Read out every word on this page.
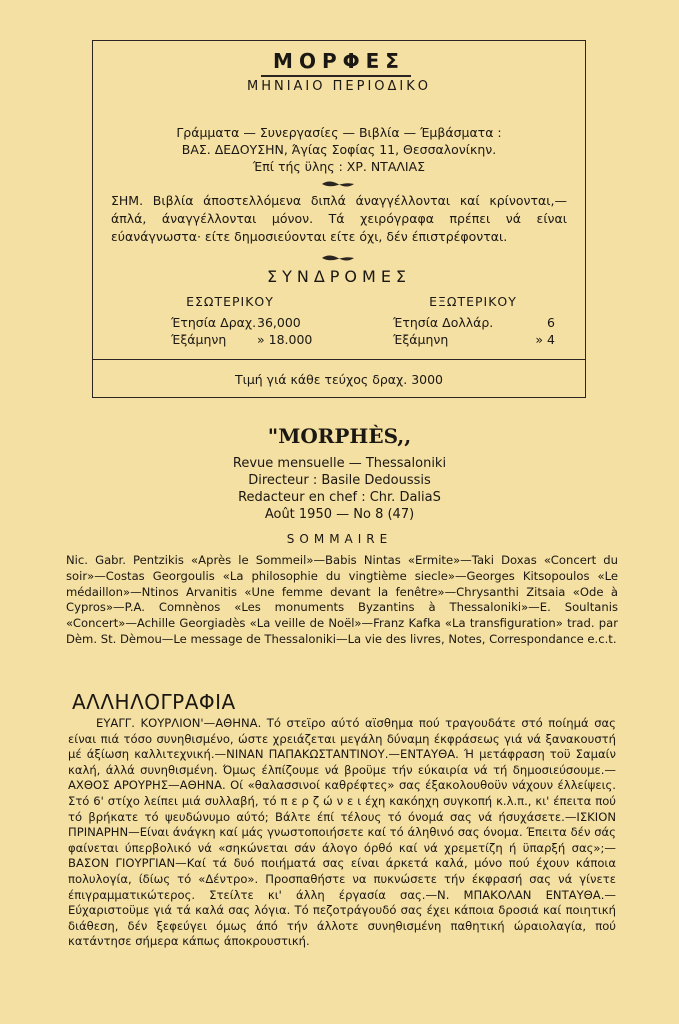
ΜΟΡΦΕΣ
ΜΗΝΙΑΙΟ ΠΕΡΙΟΔΙΚΟ
Γράμματα — Συνεργασίες — Βιβλία — Έμβάσματα :
ΒΑΣ. ΔΕΔΟΥΣΗΝ, Άγίας Σοφίας 11, Θεσσαλονίκην.
Έπί τής ϋλης : ΧΡ. ΝΤΑΛΙΑΣ
ΣΗΜ. Βιβλία άποστελλόμενα διπλά άναγγέλλονται καί κρίνονται,— άπλά, άναγγέλλονται μόνον. Τά χειρόγραφα πρέπει νά είναι εύανάγνωστα· είτε δημοσιεύονται είτε όχι, δέν έπιστρέφονται.
ΣΥΝΔΡΟΜΕΣ
ΕΣΩΤΕΡΙΚΟΥ
Έτησία Δραχ. 36,000
Έξάμηνη	» 18.000
ΕΞΩΤΕΡΙΚΟΥ
Έτησία Δολλάρ.	6
Έξάμηνη	» 4
Τιμή γιά κάθε τεύχος δραχ. 3000
"MORPHÈS,,
Revue mensuelle — Thessaloniki
Directeur : Basile Dedoussis
Redacteur en chef : Chr. DaliaS
Août 1950 — No 8 (47)
SOMMAIRE
Nic. Gabr. Pentzikis «Après le Sommeil»—Babis Nintas «Ermite»—Taki Doxas «Concert du soir»—Costas Georgoulis «La philosophie du vingtième siecle»—Georges Kitsopoulos «Le médaillon»—Ntinos Arvanitis «Une femme devant la fenêtre»—Chrysanthi Zitsaia «Ode à Cypros»—P.A. Comnènos «Les monuments Byzantins à Thessaloniki»—E. Soultanis «Concert»—Achille Georgiadès «La veille de Noël»—Franz Kafka «La transfiguration» trad. par Dèm. St. Dèmou—Le message de Thessaloniki—La vie des livres, Notes, Correspondance e.c.t.
ΑΛΛΗΛΟΓΡΑΦΙΑ
ΕΥΑΓΓ. ΚΟΥΡΛΙΟΝ'—ΑΘΗΝΑ. Τό στεϊρο αύτό αϊσθημα πού τραγουδάτε στό ποίημά σας είναι πιά τόσο συνηθισμένο, ώστε χρειάζεται μεγάλη δύναμη έκφράσεως γιά νά ξανακουστή μέ άξίωση καλλιτεχνική.—ΝΙΝΑΝ ΠΑΠΑΚΩΣΤΑΝΤΙΝΟΥ.—ΕΝΤΑΥΘΑ. Ή μετάφραση τοϋ Σαμαίν καλή, άλλά συνηθισμένη. Όμως έλπίζουμε νά βροϋμε τήν εύκαιρία νά τή δημοσιεύσουμε.—ΑΧΘΟΣ ΑΡΟΥΡΗΣ—ΑΘΗΝΑ. Οί «θαλασσινοί καθρέφτες» σας έξακολουθοϋν νάχουν έλλείψεις. Στό 6' στίχο λείπει μιά συλλαβή, τό π ε ρ ζ ώ ν ε ι έχη κακόηχη συγκοπή κ.λ.π., κι' έπειτα πού τό βρήκατε τό ψευδώνυμο αύτό; Βάλτε έπί τέλους τό όνομά σας νά ήσυχάσετε.—ΙΣΚΙΟΝ ΠΡΙΝΑΡΗΝ—Είναι άνάγκη καί μάς γνωστοποιήσετε καί τό άληθινό σας όνομα. Έπειτα δέν σάς φαίνεται ύπερβολικό νά «σηκώνεται σάν άλογο όρθό καί νά χρεμετίζη ή ϋπαρξή σας»;— ΒΑΣΟΝ ΓΙΟΥΡΓΙΑΝ—Καί τά δυό ποιήματά σας είναι άρκετά καλά, μόνο πού έχουν κάποια πολυλογία, ίδίως τό «Δέντρο». Προσπαθήστε να πυκνώσετε τήν έκφρασή σας νά γίνετε έπιγραμματικώτερος. Στείλτε κι' άλλη έργασία σας.—Ν. ΜΠΑΚΟΛΑΝ ΕΝΤΑΥΘΑ.— Εύχαριστοϋμε γιά τά καλά σας λόγια. Τό πεζοτράγουδό σας έχει κάποια δροσιά καί ποιητική διάθεση, δέν ξεφεύγει όμως άπό τήν άλλοτε συνηθισμένη παθητική ώραιολαγία, πού κατάντησε σήμερα κάπως άποκρουστική.
